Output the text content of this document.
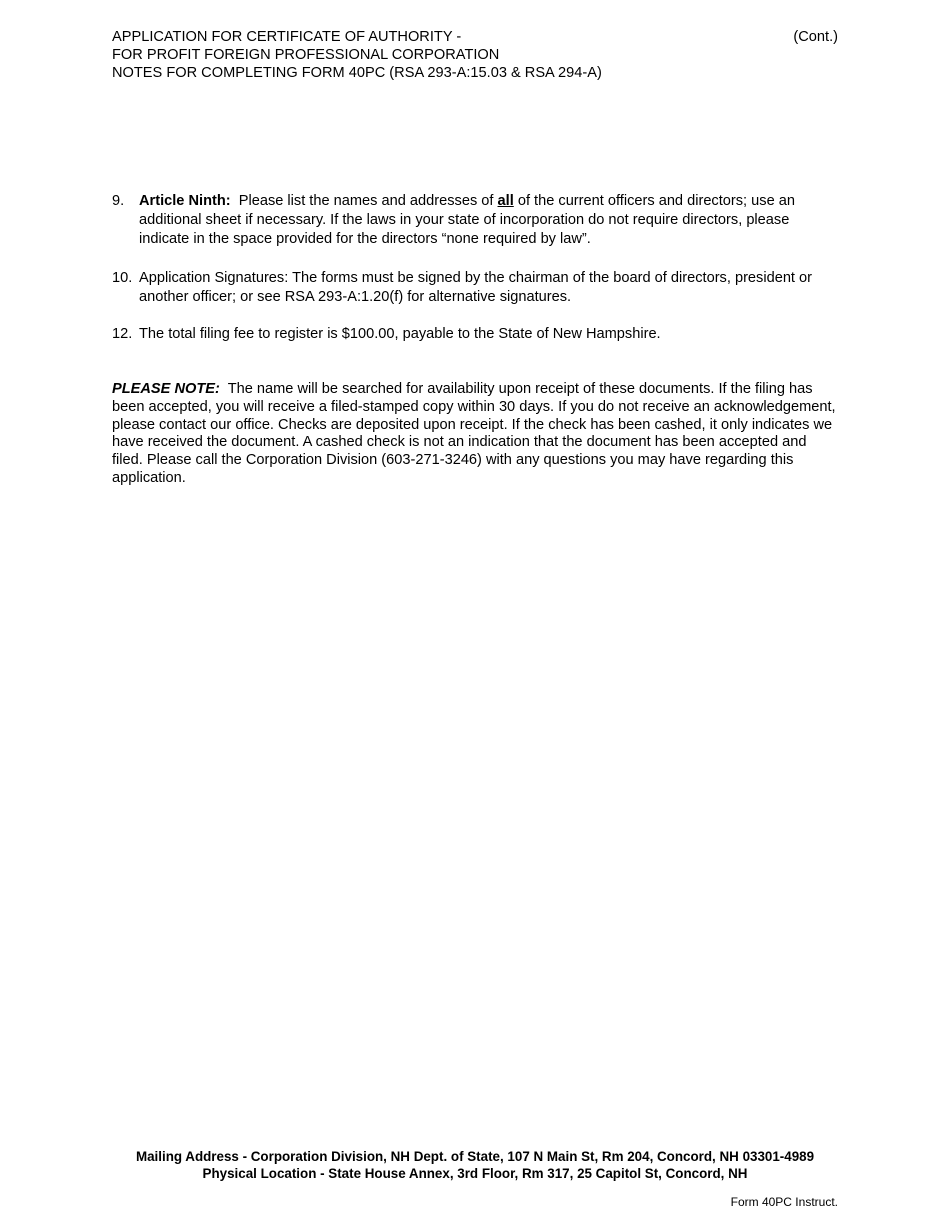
APPLICATION FOR CERTIFICATE OF AUTHORITY -
FOR PROFIT FOREIGN PROFESSIONAL CORPORATION
NOTES FOR COMPLETING FORM 40PC (RSA 293-A:15.03 & RSA 294-A)
(Cont.)
9. Article Ninth: Please list the names and addresses of all of the current officers and directors; use an additional sheet if necessary. If the laws in your state of incorporation do not require directors, please indicate in the space provided for the directors “none required by law”.
10. Application Signatures: The forms must be signed by the chairman of the board of directors, president or another officer; or see RSA 293-A:1.20(f) for alternative signatures.
12. The total filing fee to register is $100.00, payable to the State of New Hampshire.
PLEASE NOTE: The name will be searched for availability upon receipt of these documents. If the filing has been accepted, you will receive a filed-stamped copy within 30 days. If you do not receive an acknowledgement, please contact our office. Checks are deposited upon receipt. If the check has been cashed, it only indicates we have received the document. A cashed check is not an indication that the document has been accepted and filed. Please call the Corporation Division (603-271-3246) with any questions you may have regarding this application.
Mailing Address - Corporation Division, NH Dept. of State, 107 N Main St, Rm 204, Concord, NH 03301-4989
Physical Location - State House Annex, 3rd Floor, Rm 317, 25 Capitol St, Concord, NH
Form 40PC Instruct.
